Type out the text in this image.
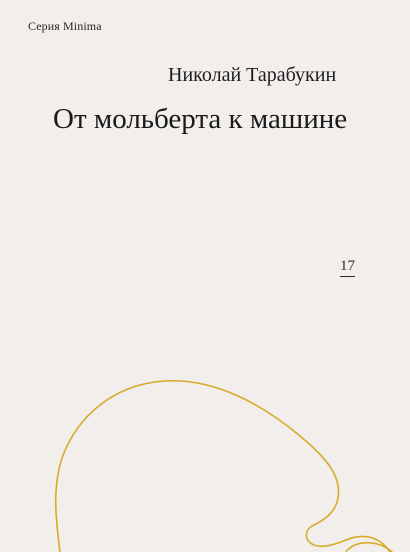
Серия Minima
Николай Тарабукин
От мольберта к машине
17
